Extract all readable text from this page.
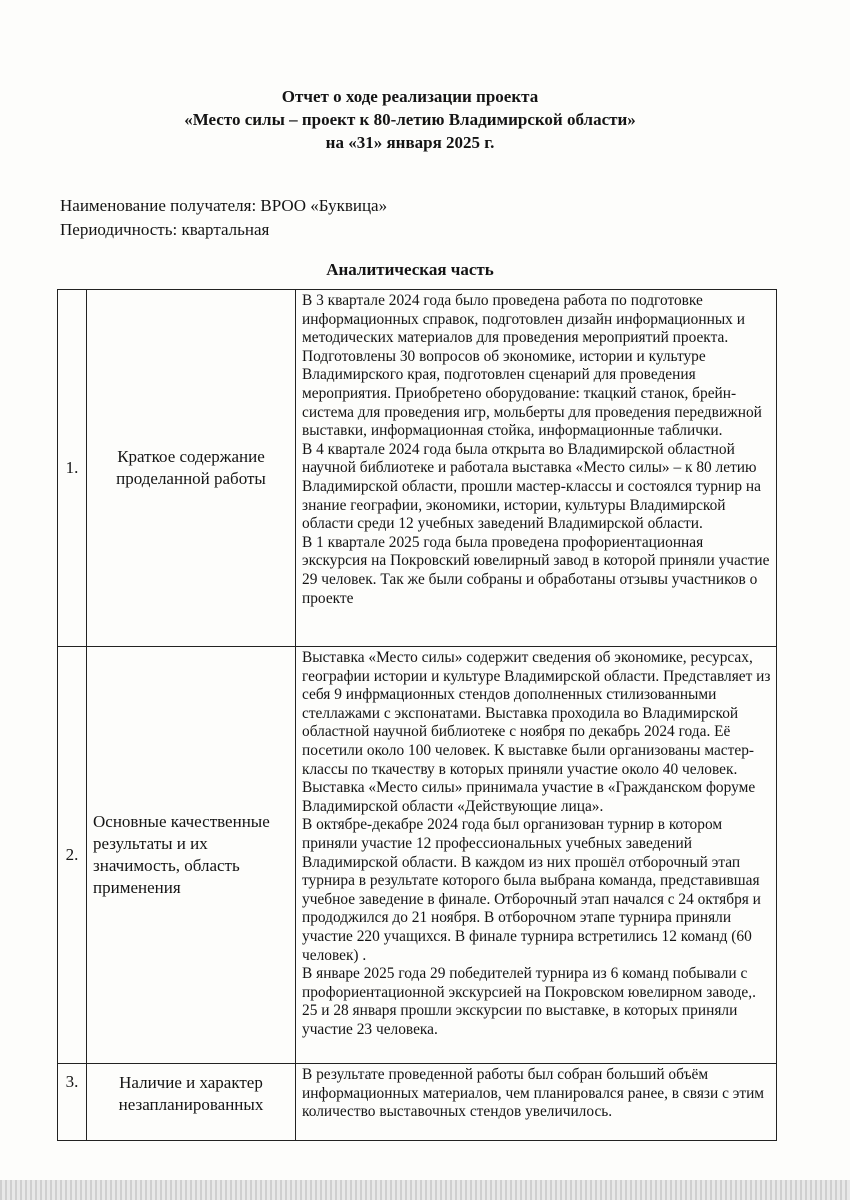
Отчет о ходе реализации проекта
«Место силы – проект к 80-летию Владимирской области»
на «31» января 2025 г.
Наименование получателя: ВРОО «Буквица»
Периодичность: квартальная
Аналитическая часть
1.	Краткое содержание проделанной работы	В 3 квартале 2024 года было проведена работа по подготовке информационных справок, подготовлен дизайн информационных и методических материалов для проведения мероприятий проекта. Подготовлены 30 вопросов об экономике, истории и культуре Владимирского края, подготовлен сценарий для проведения мероприятия. Приобретено оборудование: ткацкий станок, брейн-система для проведения игр, мольберты для проведения передвижной выставки, информационная стойка, информационные таблички.
В 4 квартале 2024 года была открыта во Владимирской областной научной библиотеке и работала выставка «Место силы» – к 80 летию Владимирской области, прошли мастер-классы и состоялся турнир на знание географии, экономики, истории, культуры Владимирской области среди 12 учебных заведений Владимирской области.
В 1 квартале 2025 года была проведена профориентационная экскурсия на Покровский ювелирный завод в которой приняли участие 29 человек. Так же были собраны и обработаны отзывы участников о проекте

2.	Основные качественные результаты и их значимость, область применения	Выставка «Место силы» содержит сведения об экономике, ресурсах, географии истории и культуре Владимирской области. Представляет из себя 9 инфрмационных стендов дополненных стилизованными стеллажами с экспонатами. Выставка проходила во Владимирской областной научной библиотеке с ноября по декабрь 2024 года. Её посетили около 100 человек. К выставке были организованы мастер-классы по ткачеству в которых приняли участие около 40 человек.
Выставка «Место силы» принимала участие в «Гражданском форуме Владимирской области «Действующие лица».
В октябре-декабре 2024 года был организован турнир в котором приняли участие 12 профессиональных учебных заведений Владимирской области. В каждом из них прошёл отборочный этап турнира в результате которого была выбрана команда, представившая учебное заведение в финале. Отборочный этап начался с 24 октября и прододжился до 21 ноября. В отборочном этапе турнира приняли участие 220 учащихся. В финале турнира встретились 12 команд (60 человек) .
В январе 2025 года 29 победителей турнира из 6 команд побывали с профориентационной экскурсией на Покровском ювелирном заводе,. 25 и 28 января прошли экскурсии по выставке, в которых приняли участие 23 человека.

3.	Наличие и характер незапланированных	В результате проведенной работы был собран больший объём информационных материалов, чем планировался ранее, в связи с этим количество выставочных стендов увеличилось.
